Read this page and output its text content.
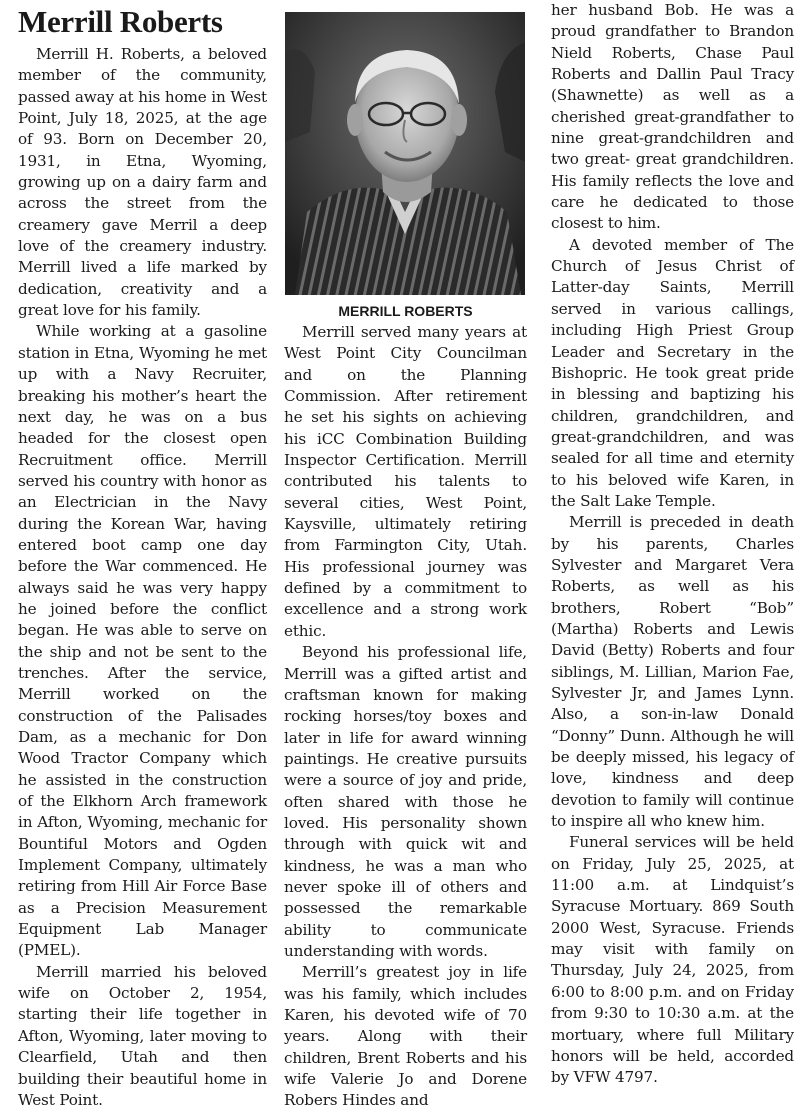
Merrill Roberts

Merrill H. Roberts, a beloved member of the community, passed away at his home in West Point, July 18, 2025, at the age of 93. Born on December 20, 1931, in Etna, Wyoming, growing up on a dairy farm and across the street from the creamery gave Merril a deep love of the creamery industry. Merrill lived a life marked by dedication, creativity and a great love for his family.

While working at a gasoline station in Etna, Wyoming he met up with a Navy Recruiter, breaking his mother’s heart the next day, he was on a bus headed for the closest open Recruitment office. Merrill served his country with honor as an Electrician in the Navy during the Korean War, having entered boot camp one day before the War commenced. He always said he was very happy he joined before the conflict began. He was able to serve on the ship and not be sent to the trenches. After the service, Merrill worked on the construction of the Palisades Dam, as a mechanic for Don Wood Tractor Company which he assisted in the construction of the Elkhorn Arch framework in Afton, Wyoming, mechanic for Bountiful Motors and Ogden Implement Company, ultimately retiring from Hill Air Force Base as a Precision Measurement Equipment Lab Manager (PMEL).

Merrill married his beloved wife on October 2, 1954, starting their life together in Afton, Wyoming, later moving to Clearfield, Utah and then building their beautiful home in West Point.

MERRILL ROBERTS

Merrill served many years at West Point City Councilman and on the Planning Commission. After retirement he set his sights on achieving his iCC Combination Building Inspector Certification. Merrill contributed his talents to several cities, West Point, Kaysville, ultimately retiring from Farmington City, Utah. His professional journey was defined by a commitment to excellence and a strong work ethic.

Beyond his professional life, Merrill was a gifted artist and craftsman known for making rocking horses/toy boxes and later in life for award winning paintings. He creative pursuits were a source of joy and pride, often shared with those he loved. His personality shown through with quick wit and kindness, he was a man who never spoke ill of others and possessed the remarkable ability to communicate understanding with words.

Merrill’s greatest joy in life was his family, which includes Karen, his devoted wife of 70 years. Along with their children, Brent Roberts and his wife Valerie Jo and Dorene Robers Hindes and

her husband Bob. He was a proud grandfather to Brandon Nield Roberts, Chase Paul Roberts and Dallin Paul Tracy (Shawnette) as well as a cherished great-grandfather to nine great-grandchildren and two great- great grandchildren. His family reflects the love and care he dedicated to those closest to him.

A devoted member of The Church of Jesus Christ of Latter-day Saints, Merrill served in various callings, including High Priest Group Leader and Secretary in the Bishopric. He took great pride in blessing and baptizing his children, grandchildren, and great-grandchildren, and was sealed for all time and eternity to his beloved wife Karen, in the Salt Lake Temple.

Merrill is preceded in death by his parents, Charles Sylvester and Margaret Vera Roberts, as well as his brothers, Robert “Bob” (Martha) Roberts and Lewis David (Betty) Roberts and four siblings, M. Lillian, Marion Fae, Sylvester Jr, and James Lynn. Also, a son-in-law Donald “Donny” Dunn. Although he will be deeply missed, his legacy of love, kindness and deep devotion to family will continue to inspire all who knew him.

Funeral services will be held on Friday, July 25, 2025, at 11:00 a.m. at Lindquist’s Syracuse Mortuary. 869 South 2000 West, Syracuse. Friends may visit with family on Thursday, July 24, 2025, from 6:00 to 8:00 p.m. and on Friday from 9:30 to 10:30 a.m. at the mortuary, where full Military honors will be held, accorded by VFW 4797.
